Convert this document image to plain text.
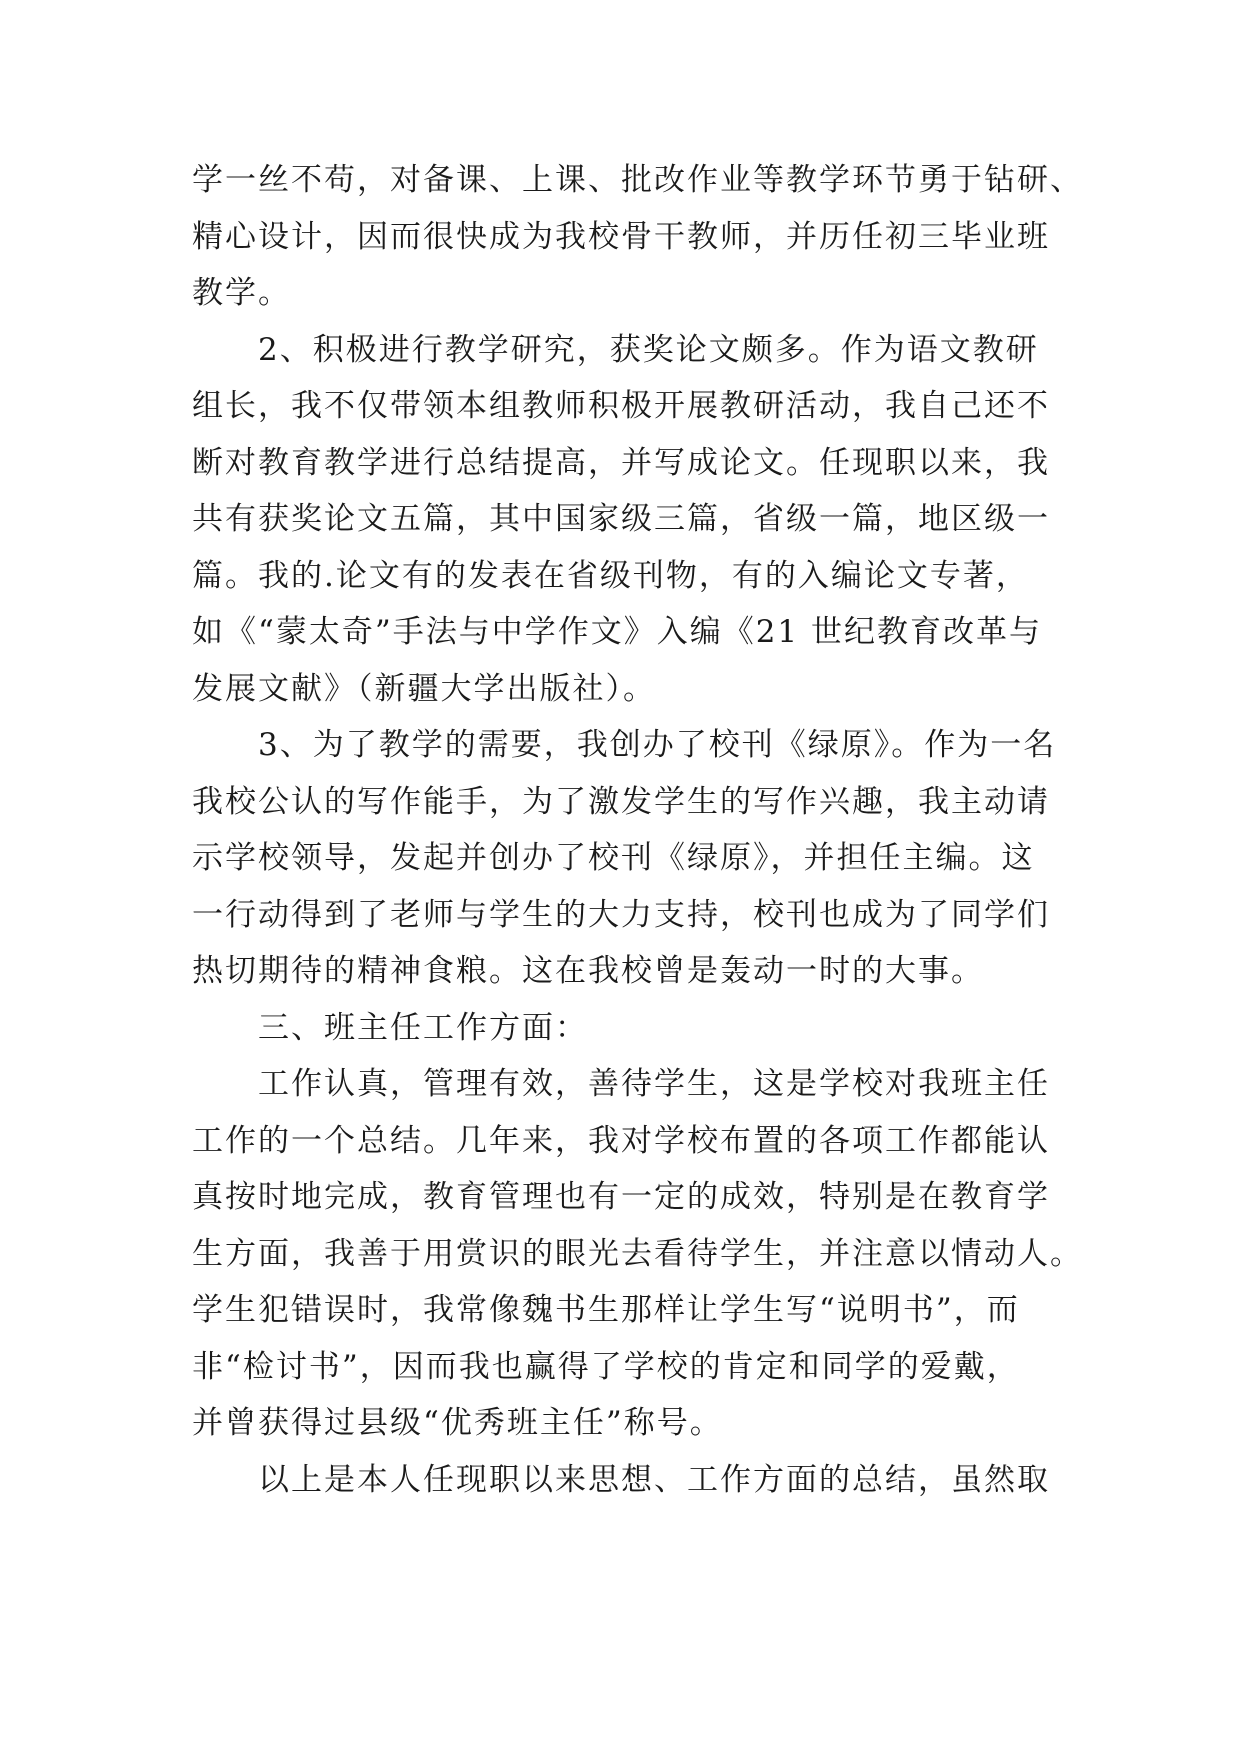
学一丝不苟，对备课、上课、批改作业等教学环节勇于钻研、
精心设计，因而很快成为我校骨干教师，并历任初三毕业班
教学。
2、积极进行教学研究，获奖论文颇多。作为语文教研
组长，我不仅带领本组教师积极开展教研活动，我自己还不
断对教育教学进行总结提高，并写成论文。任现职以来，我
共有获奖论文五篇，其中国家级三篇，省级一篇，地区级一
篇。我的.论文有的发表在省级刊物，有的入编论文专著，
如《“蒙太奇”手法与中学作文》入编《21 世纪教育改革与
发展文献》（新疆大学出版社）。
3、为了教学的需要，我创办了校刊《绿原》。作为一名
我校公认的写作能手，为了激发学生的写作兴趣，我主动请
示学校领导，发起并创办了校刊《绿原》，并担任主编。这
一行动得到了老师与学生的大力支持，校刊也成为了同学们
热切期待的精神食粮。这在我校曾是轰动一时的大事。
三、班主任工作方面：
工作认真，管理有效，善待学生，这是学校对我班主任
工作的一个总结。几年来，我对学校布置的各项工作都能认
真按时地完成，教育管理也有一定的成效，特别是在教育学
生方面，我善于用赏识的眼光去看待学生，并注意以情动人。
学生犯错误时，我常像魏书生那样让学生写“说明书”，而
非“检讨书”，因而我也赢得了学校的肯定和同学的爱戴，
并曾获得过县级“优秀班主任”称号。
以上是本人任现职以来思想、工作方面的总结，虽然取
